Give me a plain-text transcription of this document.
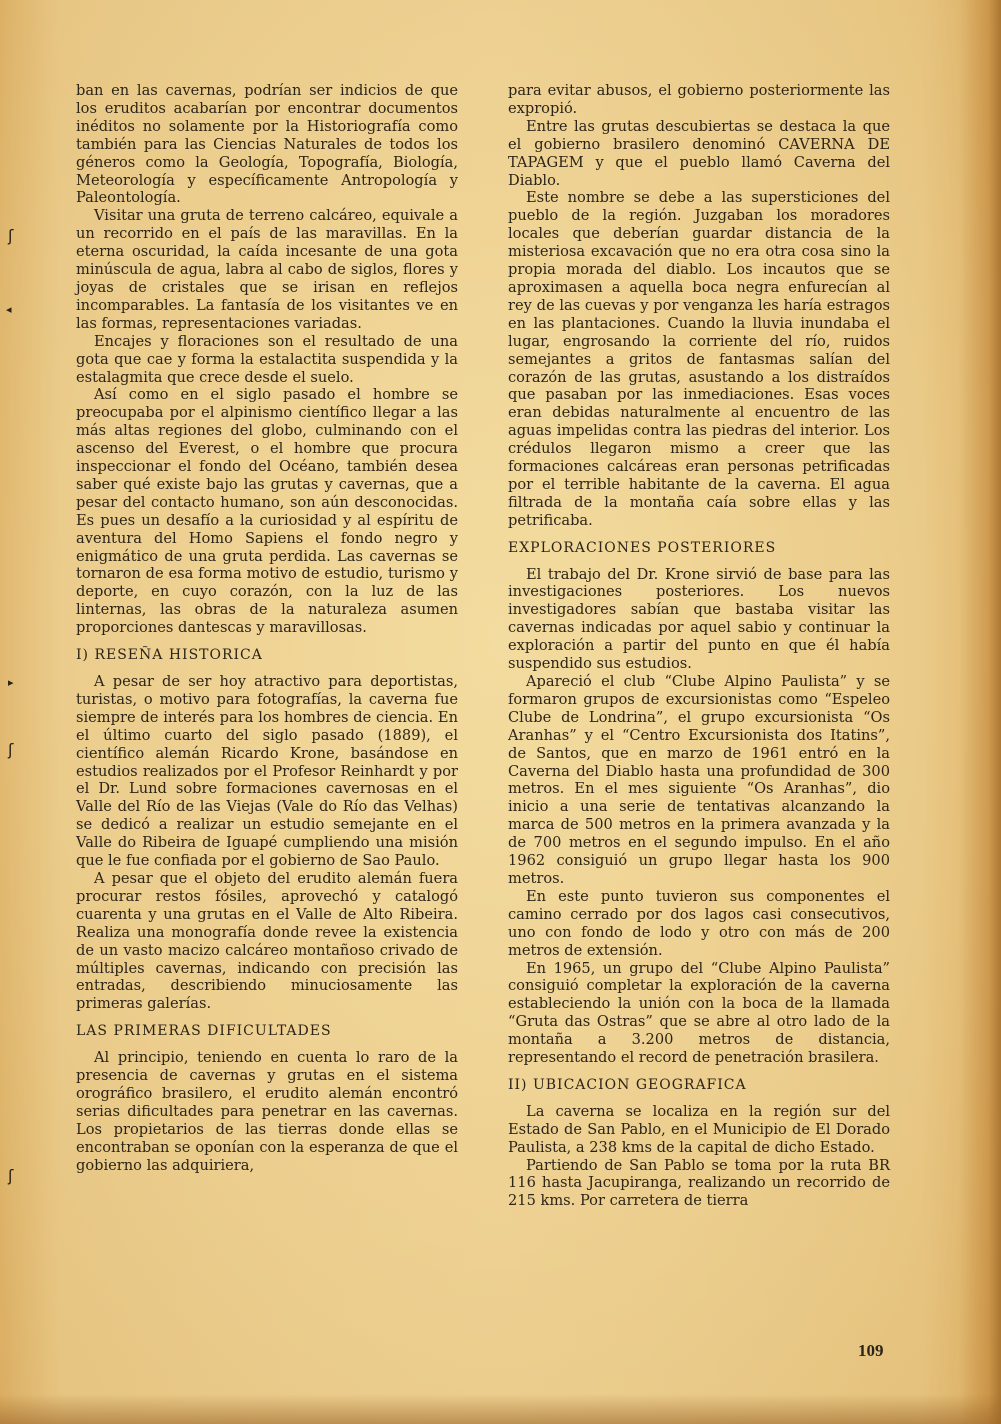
ʃ
◂
▸
ʃ
ʃ

ban en las cavernas, podrían ser indicios de que los eruditos acabarían por encontrar documentos inéditos no solamente por la Historiografía como también para las Ciencias Naturales de todos los géneros como la Geología, Topografía, Biología, Meteorología y específicamente Antropología y Paleontología.

Visitar una gruta de terreno calcáreo, equivale a un recorrido en el país de las maravillas. En la eterna oscuridad, la caída incesante de una gota minúscula de agua, labra al cabo de siglos, flores y joyas de cristales que se irisan en reflejos incomparables. La fantasía de los visitantes ve en las formas, representaciones variadas.

Encajes y floraciones son el resultado de una gota que cae y forma la estalactita suspendida y la estalagmita que crece desde el suelo.

Así como en el siglo pasado el hombre se preocupaba por el alpinismo científico llegar a las más altas regiones del globo, culminando con el ascenso del Everest, o el hombre que procura inspeccionar el fondo del Océano, también desea saber qué existe bajo las grutas y cavernas, que a pesar del contacto humano, son aún desconocidas. Es pues un desafío a la curiosidad y al espíritu de aventura del Homo Sapiens el fondo negro y enigmático de una gruta perdida. Las cavernas se tornaron de esa forma motivo de estudio, turismo y deporte, en cuyo corazón, con la luz de las linternas, las obras de la naturaleza asumen proporciones dantescas y maravillosas.

I) RESEÑA HISTORICA

A pesar de ser hoy atractivo para deportistas, turistas, o motivo para fotografías, la caverna fue siempre de interés para los hombres de ciencia. En el último cuarto del siglo pasado (1889), el científico alemán Ricardo Krone, basándose en estudios realizados por el Profesor Reinhardt y por el Dr. Lund sobre formaciones cavernosas en el Valle del Río de las Viejas (Vale do Río das Velhas) se dedicó a realizar un estudio semejante en el Valle do Ribeira de Iguapé cumpliendo una misión que le fue confiada por el gobierno de Sao Paulo.

A pesar que el objeto del erudito alemán fuera procurar restos fósiles, aprovechó y catalogó cuarenta y una grutas en el Valle de Alto Ribeira. Realiza una monografía donde revee la existencia de un vasto macizo calcáreo montañoso crivado de múltiples cavernas, indicando con precisión las entradas, describiendo minuciosamente las primeras galerías.

LAS PRIMERAS DIFICULTADES

Al principio, teniendo en cuenta lo raro de la presencia de cavernas y grutas en el sistema orográfico brasilero, el erudito alemán encontró serias dificultades para penetrar en las cavernas. Los propietarios de las tierras donde ellas se encontraban se oponían con la esperanza de que el gobierno las adquiriera,

para evitar abusos, el gobierno posteriormente las expropió.

Entre las grutas descubiertas se destaca la que el gobierno brasilero denominó CAVERNA DE TAPAGEM y que el pueblo llamó Caverna del Diablo.

Este nombre se debe a las supersticiones del pueblo de la región. Juzgaban los moradores locales que deberían guardar distancia de la misteriosa excavación que no era otra cosa sino la propia morada del diablo. Los incautos que se aproximasen a aquella boca negra enfurecían al rey de las cuevas y por venganza les haría estragos en las plantaciones. Cuando la lluvia inundaba el lugar, engrosando la corriente del río, ruidos semejantes a gritos de fantasmas salían del corazón de las grutas, asustando a los distraídos que pasaban por las inmediaciones. Esas voces eran debidas naturalmente al encuentro de las aguas impelidas contra las piedras del interior. Los crédulos llegaron mismo a creer que las formaciones calcáreas eran personas petrificadas por el terrible habitante de la caverna. El agua filtrada de la montaña caía sobre ellas y las petrificaba.

EXPLORACIONES POSTERIORES

El trabajo del Dr. Krone sirvió de base para las investigaciones posteriores. Los nuevos investigadores sabían que bastaba visitar las cavernas indicadas por aquel sabio y continuar la exploración a partir del punto en que él había suspendido sus estudios.

Apareció el club “Clube Alpino Paulista” y se formaron grupos de excursionistas como “Espeleo Clube de Londrina”, el grupo excursionista “Os Aranhas” y el “Centro Excursionista dos Itatins”, de Santos, que en marzo de 1961 entró en la Caverna del Diablo hasta una profundidad de 300 metros. En el mes siguiente “Os Aranhas”, dio inicio a una serie de tentativas alcanzando la marca de 500 metros en la primera avanzada y la de 700 metros en el segundo impulso. En el año 1962 consiguió un grupo llegar hasta los 900 metros.

En este punto tuvieron sus componentes el camino cerrado por dos lagos casi consecutivos, uno con fondo de lodo y otro con más de 200 metros de extensión.

En 1965, un grupo del “Clube Alpino Paulista” consiguió completar la exploración de la caverna estableciendo la unión con la boca de la llamada “Gruta das Ostras” que se abre al otro lado de la montaña a 3.200 metros de distancia, representando el record de penetración brasilera.

II) UBICACION GEOGRAFICA

La caverna se localiza en la región sur del Estado de San Pablo, en el Municipio de El Dorado Paulista, a 238 kms de la capital de dicho Estado.

Partiendo de San Pablo se toma por la ruta BR 116 hasta Jacupiranga, realizando un recorrido de 215 kms. Por carretera de tierra

109
